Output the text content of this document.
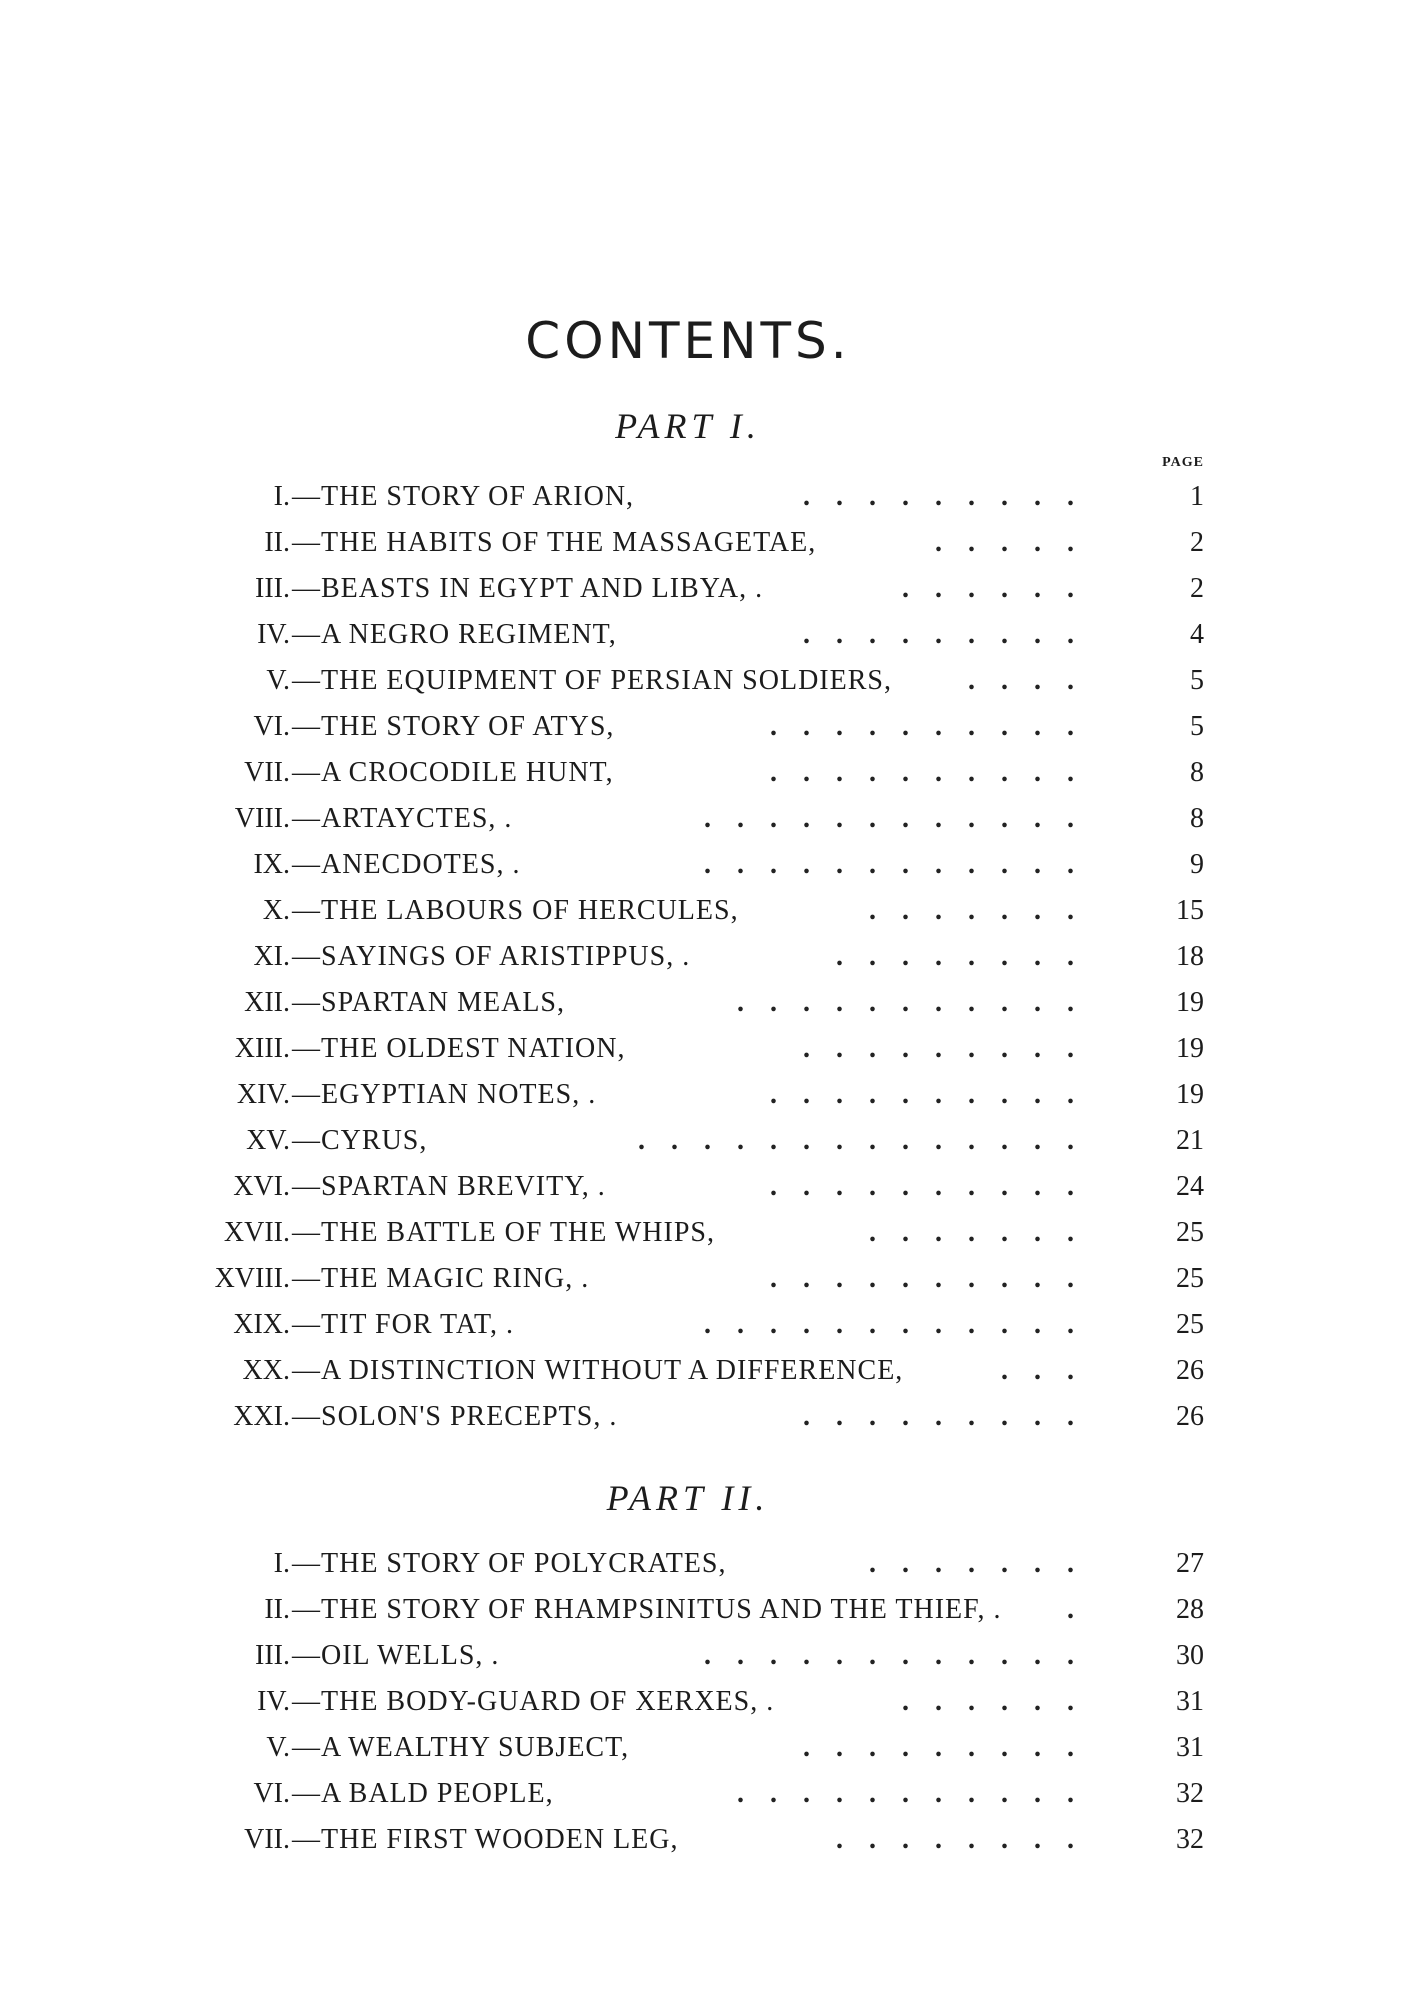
CONTENTS.
PART I.
PAGE
I. —THE STORY OF ARION,	1
.........
II. —THE HABITS OF THE MASSAGETAE,	2
.....
III. —BEASTS IN EGYPT AND LIBYA, .	2
......
IV. —A NEGRO REGIMENT,	4
.........
V. —THE EQUIPMENT OF PERSIAN SOLDIERS,	5
....
VI. —THE STORY OF ATYS,	5
..........
VII. —A CROCODILE HUNT,	8
..........
VIII. —ARTAYCTES, .	8
............
IX. —ANECDOTES, .	9
............
X. —THE LABOURS OF HERCULES,	15
.......
XI. —SAYINGS OF ARISTIPPUS, .	18
........
XII. —SPARTAN MEALS,	19
...........
XIII. —THE OLDEST NATION,	19
.........
XIV. —EGYPTIAN NOTES, .	19
..........
XV. —CYRUS,	21
..............
XVI. —SPARTAN BREVITY, .	24
..........
XVII. —THE BATTLE OF THE WHIPS,	25
.......
XVIII. —THE MAGIC RING, .	25
..........
XIX. —TIT FOR TAT, .	25
............
XX. —A DISTINCTION WITHOUT A DIFFERENCE,	26
...
XXI. —SOLON'S PRECEPTS, .	26
.........
PART II.
I. —THE STORY OF POLYCRATES,	27
.......
II. —THE STORY OF RHAMPSINITUS AND THE THIEF, .	28
.
III. —OIL WELLS, .	30
............
IV. —THE BODY-GUARD OF XERXES, .	31
......
V. —A WEALTHY SUBJECT,	31
.........
VI. —A BALD PEOPLE,	32
...........
VII. —THE FIRST WOODEN LEG,	32
........
